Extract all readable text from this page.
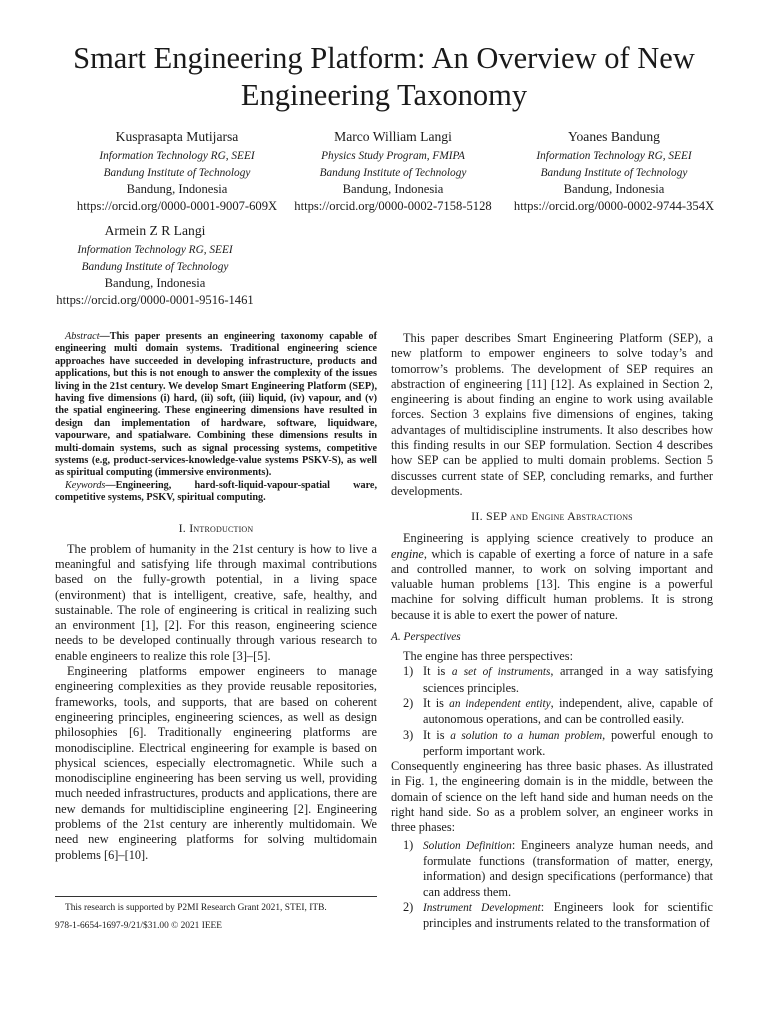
Smart Engineering Platform: An Overview of New Engineering Taxonomy
Kusprasapta Mutijarsa
Information Technology RG, SEEI
Bandung Institute of Technology
Bandung, Indonesia
https://orcid.org/0000-0001-9007-609X
Marco William Langi
Physics Study Program, FMIPA
Bandung Institute of Technology
Bandung, Indonesia
https://orcid.org/0000-0002-7158-5128
Yoanes Bandung
Information Technology RG, SEEI
Bandung Institute of Technology
Bandung, Indonesia
https://orcid.org/0000-0002-9744-354X
Armein Z R Langi
Information Technology RG, SEEI
Bandung Institute of Technology
Bandung, Indonesia
https://orcid.org/0000-0001-9516-1461

Abstract—This paper presents an engineering taxonomy capable of engineering multi domain systems. Traditional engineering science approaches have succeeded in developing infrastructure, products and applications, but this is not enough to answer the complexity of the issues living in the 21st century. We develop Smart Engineering Platform (SEP), having five dimensions (i) hard, (ii) soft, (iii) liquid, (iv) vapour, and (v) the spatial engineering. These engineering dimensions have resulted in design dan implementation of hardware, software, liquidware, vapourware, and spatialware. Combining these dimensions results in multi-domain systems, such as signal processing systems, competitive systems (e.g, product-services-knowledge-value systems PSKV-S), as well as spiritual computing (immersive environments).

Keywords—Engineering, hard-soft-liquid-vapour-spatial ware, competitive systems, PSKV, spiritual computing.

I. Introduction

The problem of humanity in the 21st century is how to live a meaningful and satisfying life through maximal contributions based on the fully-growth potential, in a living space (environment) that is intelligent, creative, safe, healthy, and sustainable. The role of engineering is critical in realizing such an environment [1], [2]. For this reason, engineering science needs to be developed continually through various research to enable engineers to realize this role [3]–[5].

Engineering platforms empower engineers to manage engineering complexities as they provide reusable repositories, frameworks, tools, and supports, that are based on coherent engineering principles, engineering sciences, as well as design philosophies [6]. Traditionally engineering platforms are monodiscipline. Electrical engineering for example is based on physical sciences, especially electromagnetic. While such a monodiscipline engineering has been serving us well, providing much needed infrastructures, products and applications, there are new demands for multidiscipline engineering [2]. Engineering problems of the 21st century are inherently multidomain. We need new engineering platforms for solving multidomain problems [6]–[10].

This research is supported by P2MI Research Grant 2021, STEI, ITB.
978-1-6654-1697-9/21/$31.00 © 2021 IEEE

This paper describes Smart Engineering Platform (SEP), a new platform to empower engineers to solve today’s and tomorrow’s problems. The development of SEP requires an abstraction of engineering [11] [12]. As explained in Section 2, engineering is about finding an engine to work using available forces. Section 3 explains five dimensions of engines, taking advantages of multidiscipline instruments. It also describes how this finding results in our SEP formulation. Section 4 describes how SEP can be applied to multi domain problems. Section 5 discusses current state of SEP, concluding remarks, and further developments.

II. SEP and Engine Abstractions

Engineering is applying science creatively to produce an engine, which is capable of exerting a force of nature in a safe and controlled manner, to work on solving important and valuable human problems [13]. This engine is a powerful machine for solving difficult human problems. It is strong because it is able to exert the power of nature.

A. Perspectives

The engine has three perspectives:

1) It is a set of instruments, arranged in a way satisfying sciences principles.
2) It is an independent entity, independent, alive, capable of autonomous operations, and can be controlled easily.
3) It is a solution to a human problem, powerful enough to perform important work.

Consequently engineering has three basic phases. As illustrated in Fig. 1, the engineering domain is in the middle, between the domain of science on the left hand side and human needs on the right hand side. So as a problem solver, an engineer works in three phases:

1) Solution Definition: Engineers analyze human needs, and formulate functions (transformation of matter, energy, information) and design specifications (performance) that can address them.
2) Instrument Development: Engineers look for scientific principles and instruments related to the transformation of
